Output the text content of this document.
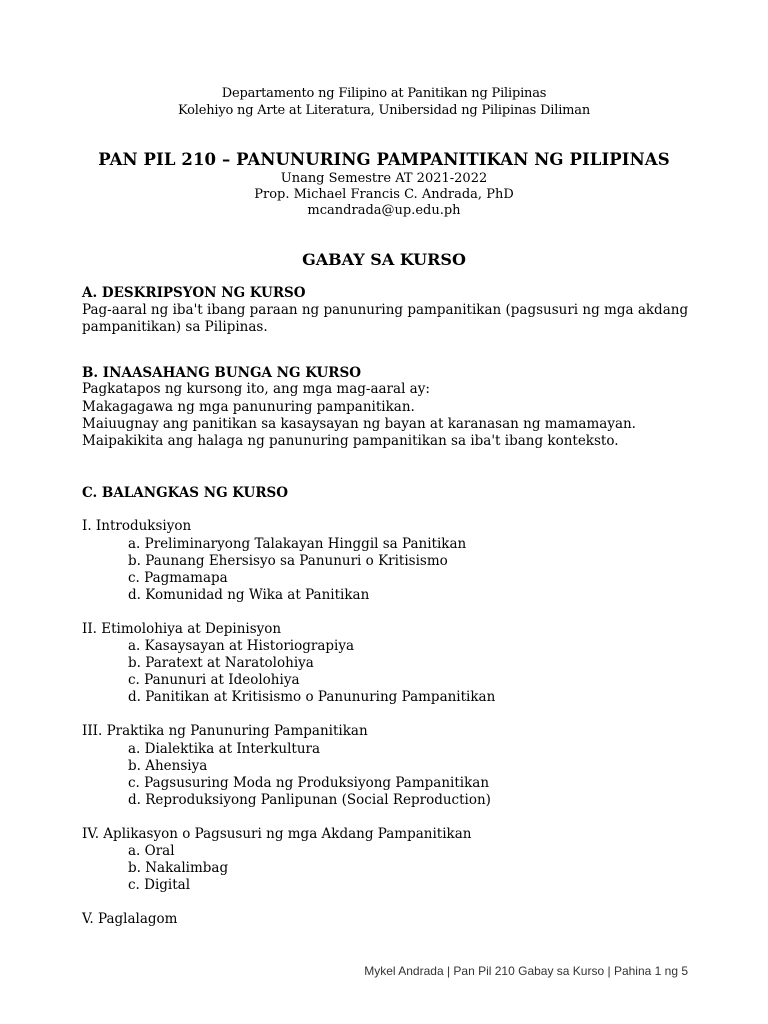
Departamento ng Filipino at Panitikan ng Pilipinas
Kolehiyo ng Arte at Literatura, Unibersidad ng Pilipinas Diliman
PAN PIL 210 – PANUNURING PAMPANITIKAN NG PILIPINAS
Unang Semestre AT 2021-2022
Prop. Michael Francis C. Andrada, PhD
mcandrada@up.edu.ph
GABAY SA KURSO
A. DESKRIPSYON NG KURSO
Pag-aaral ng iba't ibang paraan ng panunuring pampanitikan (pagsusuri ng mga akdang pampanitikan) sa Pilipinas.
B. INAASAHANG BUNGA NG KURSO
Pagkatapos ng kursong ito, ang mga mag-aaral ay:
Makagagawa ng mga panunuring pampanitikan.
Maiuugnay ang panitikan sa kasaysayan ng bayan at karanasan ng mamamayan.
Maipakikita ang halaga ng panunuring pampanitikan sa iba't ibang konteksto.
C. BALANGKAS NG KURSO
I. Introduksiyon
a. Preliminaryong Talakayan Hinggil sa Panitikan
b. Paunang Ehersisyo sa Panunuri o Kritisismo
c. Pagmamapa
d. Komunidad ng Wika at Panitikan
II. Etimolohiya at Depinisyon
a. Kasaysayan at Historiograpiya
b. Paratext at Naratolohiya
c. Panunuri at Ideolohiya
d. Panitikan at Kritisismo o Panunuring Pampanitikan
III. Praktika ng Panunuring Pampanitikan
a. Dialektika at Interkultura
b. Ahensiya
c. Pagsusuring Moda ng Produksiyong Pampanitikan
d. Reproduksiyong Panlipunan (Social Reproduction)
IV. Aplikasyon o Pagsusuri ng mga Akdang Pampanitikan
a. Oral
b. Nakalimbag
c. Digital
V. Paglalagom
Mykel Andrada | Pan Pil 210 Gabay sa Kurso | Pahina 1 ng 5
